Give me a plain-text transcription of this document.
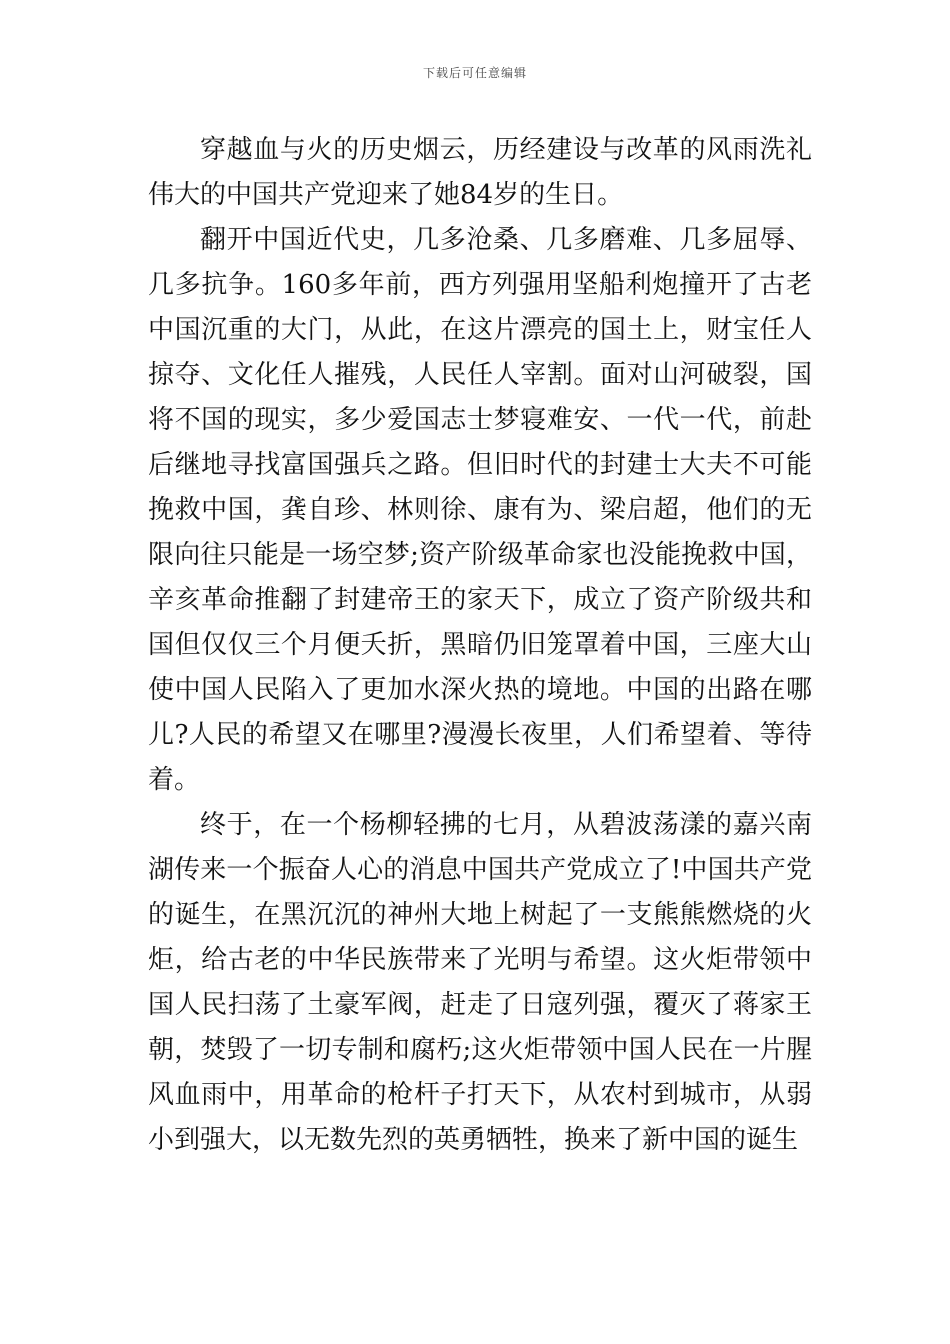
下载后可任意编辑

穿越血与火的历史烟云，历经建设与改革的风雨洗礼伟大的中国共产党迎来了她84岁的生日。

翻开中国近代史，几多沧桑、几多磨难、几多屈辱、几多抗争。160多年前，西方列强用坚船利炮撞开了古老中国沉重的大门，从此，在这片漂亮的国土上，财宝任人掠夺、文化任人摧残，人民任人宰割。面对山河破裂，国将不国的现实，多少爱国志士梦寝难安、一代一代，前赴后继地寻找富国强兵之路。但旧时代的封建士大夫不可能挽救中国，龚自珍、林则徐、康有为、梁启超，他们的无限向往只能是一场空梦;资产阶级革命家也没能挽救中国，辛亥革命推翻了封建帝王的家天下，成立了资产阶级共和国但仅仅三个月便夭折，黑暗仍旧笼罩着中国，三座大山使中国人民陷入了更加水深火热的境地。中国的出路在哪儿?人民的希望又在哪里?漫漫长夜里，人们希望着、等待着。

终于，在一个杨柳轻拂的七月，从碧波荡漾的嘉兴南湖传来一个振奋人心的消息中国共产党成立了!中国共产党的诞生，在黑沉沉的神州大地上树起了一支熊熊燃烧的火炬，给古老的中华民族带来了光明与希望。这火炬带领中国人民扫荡了土豪军阀，赶走了日寇列强，覆灭了蒋家王朝，焚毁了一切专制和腐朽;这火炬带领中国人民在一片腥风血雨中，用革命的枪杆子打天下，从农村到城市，从弱小到强大，以无数先烈的英勇牺牲，换来了新中国的诞生
